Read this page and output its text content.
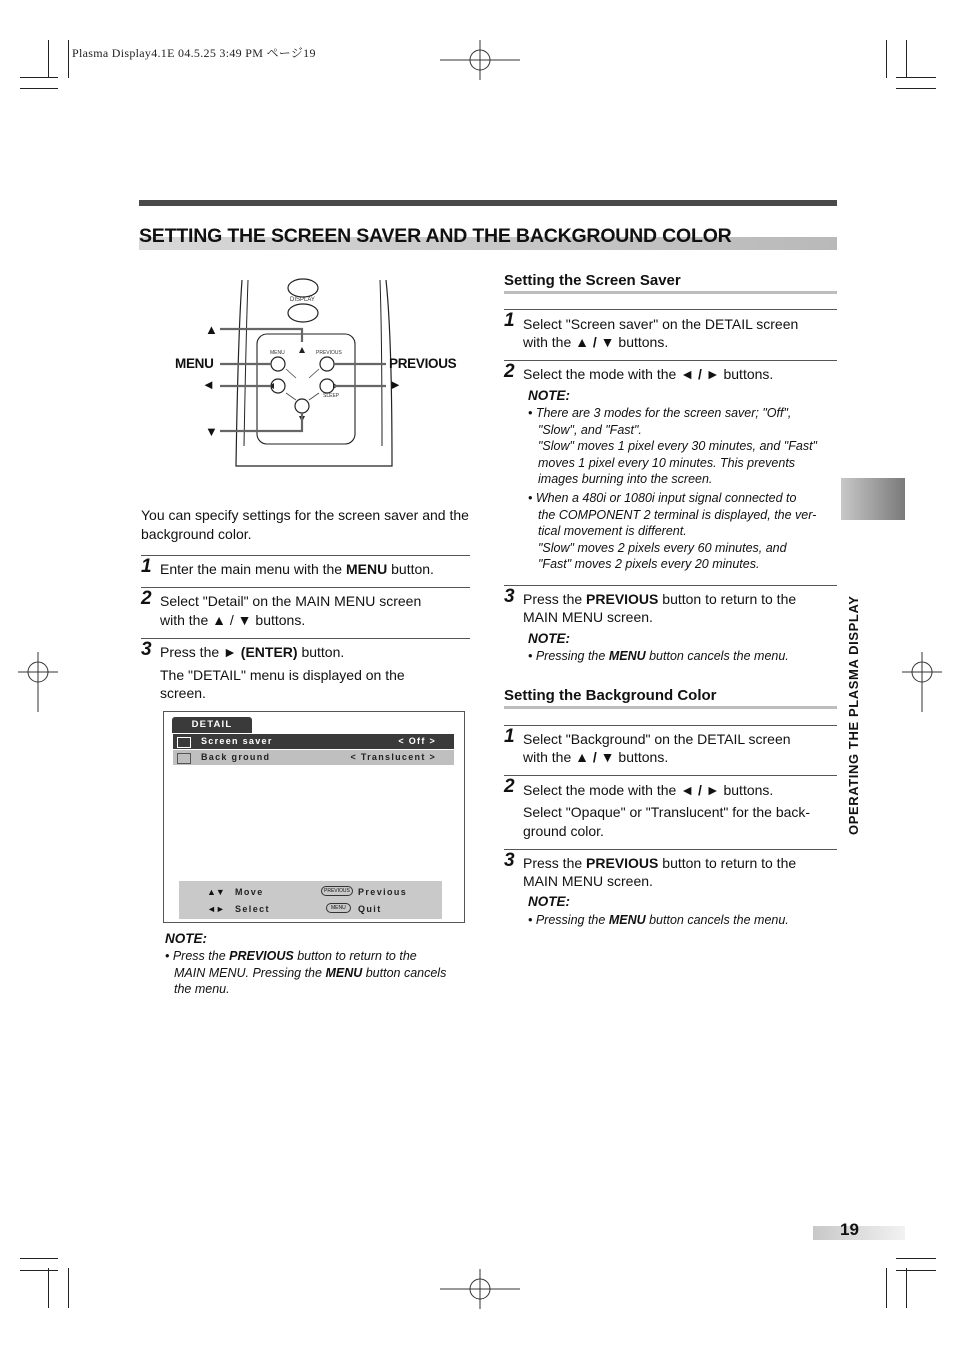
Plasma Display4.1E 04.5.25 3:49 PM ページ19
SETTING THE SCREEN SAVER AND THE BACKGROUND COLOR
DISPLAY
MENU	PREVIOUS
SLEEP
▲
MENU	PREVIOUS
◄	►
▼
You can specify settings for the screen saver and the background color.
1 Enter the main menu with the MENU button.
2 Select "Detail" on the MAIN MENU screen
with the ▲ / ▼ buttons.
3 Press the ► (ENTER) button.
The "DETAIL" menu is displayed on the
screen.
DETAIL
Screen saver	< Off >
Back ground	< Translucent >
▲▼ Move
◄► Select
PREVIOUS Previous
MENU	Quit
NOTE:
• Press the PREVIOUS button to return to the
MAIN MENU. Pressing the MENU button cancels
the menu.
Setting the Screen Saver
1 Select "Screen saver" on the DETAIL screen
with the ▲ / ▼ buttons.
2 Select the mode with the ◄ / ► buttons.
NOTE:
• There are 3 modes for the screen saver; "Off",
"Slow", and "Fast".
"Slow" moves 1 pixel every 30 minutes, and "Fast"
moves 1 pixel every 10 minutes. This prevents
images burning into the screen.
• When a 480i or 1080i input signal connected to
the COMPONENT 2 terminal is displayed, the ver-
tical movement is different.
"Slow" moves 2 pixels every 60 minutes, and
"Fast" moves 2 pixels every 20 minutes.
3 Press the PREVIOUS button to return to the
MAIN MENU screen.
NOTE:
• Pressing the MENU button cancels the menu.
Setting the Background Color
1 Select "Background" on the DETAIL screen
with the ▲ / ▼ buttons.
2 Select the mode with the ◄ / ► buttons.
Select "Opaque" or "Translucent" for the back-
ground color.
3 Press the PREVIOUS button to return to the
MAIN MENU screen.
NOTE:
• Pressing the MENU button cancels the menu.
OPERATING THE PLASMA DISPLAY
19
